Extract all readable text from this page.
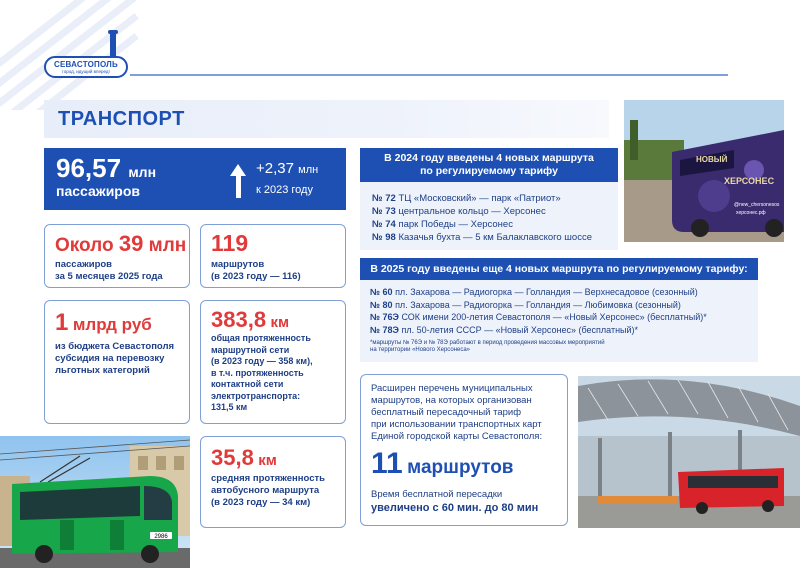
СЕВАСТОПОЛЬ
город, идущий вперед!
ТРАНСПОРТ
96,57 млн
пассажиров
+2,37 млн
к 2023 году
Около 39 млн
пассажиров
за 5 месяцев 2025 года
119
маршрутов
(в 2023 году — 116)
1 млрд руб
из бюджета Севастополя
субсидия на перевозку
льготных категорий
383,8 км
общая протяженность
маршрутной сети
(в 2023 году — 358 км),
в т.ч. протяженность
контактной сети
электротранспорта:
131,5 км
35,8 км
средняя протяженность
автобусного маршрута
(в 2023 году — 34 км)
2986
В 2024 году введены 4 новых маршрута
по регулируемому тарифу
№ 72 ТЦ «Московский» — парк «Патриот»
№ 73 центральное кольцо — Херсонес
№ 74 парк Победы — Херсонес
№ 98 Казачья бухта — 5 км Балаклавского шоссе
НОВЫЙ
ХЕРСОНЕС
@new_chersonesos
херсонес.рф
В 2025 году введены еще 4 новых маршрута по регулируемому тарифу:
№ 60 пл. Захарова — Радиогорка — Голландия — Верхнесадовое (сезонный)
№ 80 пл. Захарова — Радиогорка — Голландия — Любимовка (сезонный)
№ 76Э СОК имени 200-летия Севастополя — «Новый Херсонес» (бесплатный)*
№ 78Э пл. 50-летия СССР — «Новый Херсонес» (бесплатный)*
*маршруты № 76Э и № 78Э работают в период проведения массовых мероприятий
на территории «Нового Херсонеса»
Расширен перечень муниципальных
маршрутов, на которых организован
бесплатный пересадочный тариф
при использовании транспортных карт
Единой городской карты Севастополя:
11 маршрутов
Время бесплатной пересадки
увеличено с 60 мин. до 80 мин
